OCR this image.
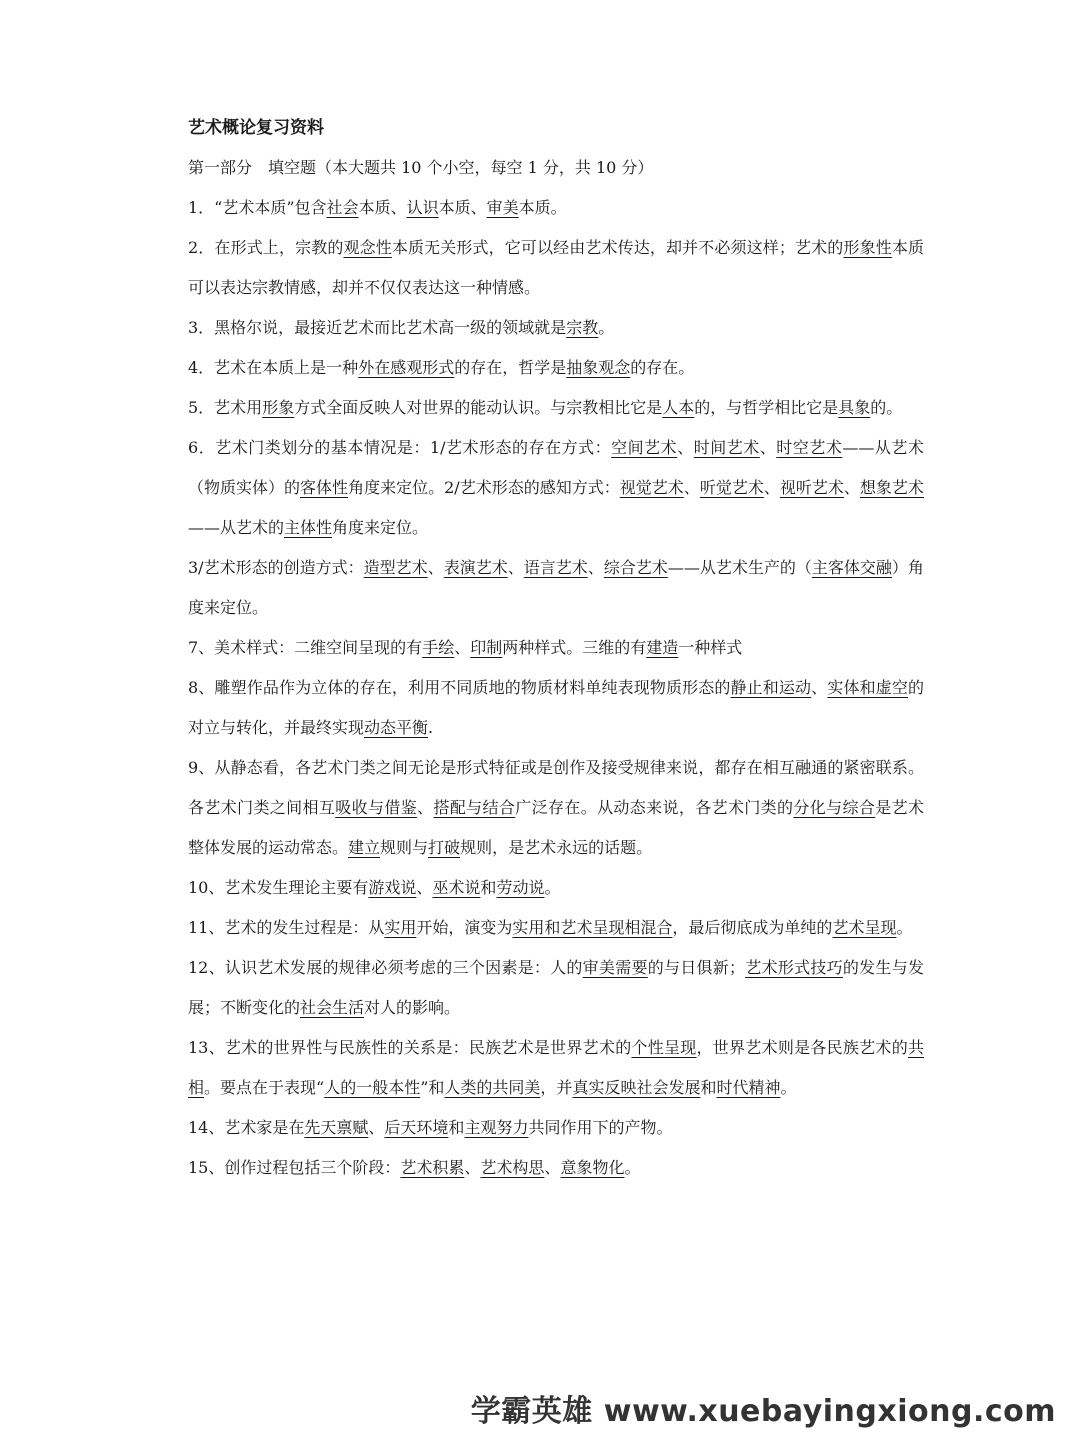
艺术概论复习资料

第一部分　填空题（本大题共 10 个小空，每空 1 分，共 10 分）

1．“艺术本质”包含社会本质、认识本质、审美本质。

2．在形式上，宗教的观念性本质无关形式，它可以经由艺术传达，却并不必须这样；艺术的形象性本质可以表达宗教情感，却并不仅仅表达这一种情感。

3．黑格尔说，最接近艺术而比艺术高一级的领域就是宗教。

4．艺术在本质上是一种外在感观形式的存在，哲学是抽象观念的存在。

5．艺术用形象方式全面反映人对世界的能动认识。与宗教相比它是人本的，与哲学相比它是具象的。

6．艺术门类划分的基本情况是：1/艺术形态的存在方式：空间艺术、时间艺术、时空艺术——从艺术（物质实体）的客体性角度来定位。2/艺术形态的感知方式：视觉艺术、听觉艺术、视听艺术、想象艺术——从艺术的主体性角度来定位。

3/艺术形态的创造方式：造型艺术、表演艺术、语言艺术、综合艺术——从艺术生产的（主客体交融）角度来定位。

7、美术样式：二维空间呈现的有手绘、印制两种样式。三维的有建造一种样式

8、雕塑作品作为立体的存在，利用不同质地的物质材料单纯表现物质形态的静止和运动、实体和虚空的对立与转化，并最终实现动态平衡.

9、从静态看，各艺术门类之间无论是形式特征或是创作及接受规律来说，都存在相互融通的紧密联系。各艺术门类之间相互吸收与借鉴、搭配与结合广泛存在。从动态来说，各艺术门类的分化与综合是艺术整体发展的运动常态。建立规则与打破规则，是艺术永远的话题。

10、艺术发生理论主要有游戏说、巫术说和劳动说。

11、艺术的发生过程是：从实用开始，演变为实用和艺术呈现相混合，最后彻底成为单纯的艺术呈现。

12、认识艺术发展的规律必须考虑的三个因素是：人的审美需要的与日俱新；艺术形式技巧的发生与发展；不断变化的社会生活对人的影响。

13、艺术的世界性与民族性的关系是：民族艺术是世界艺术的个性呈现，世界艺术则是各民族艺术的共相。要点在于表现“人的一般本性”和人类的共同美，并真实反映社会发展和时代精神。

14、艺术家是在先天禀赋、后天环境和主观努力共同作用下的产物。

15、创作过程包括三个阶段：艺术积累、艺术构思、意象物化。

学霸英雄 www.xuebayingxiong.com
